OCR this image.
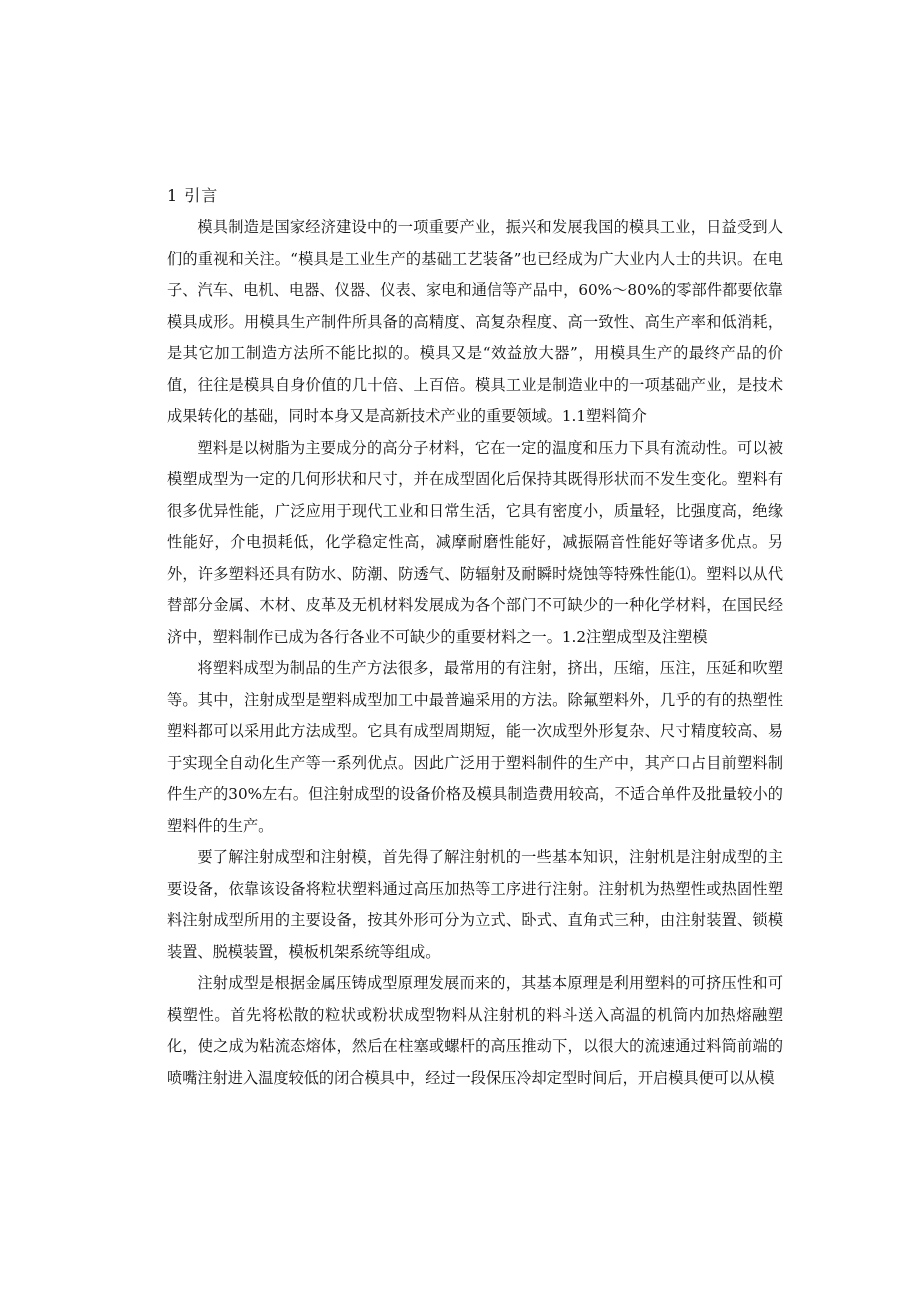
1 引言

模具制造是国家经济建设中的一项重要产业，振兴和发展我国的模具工业，日益受到人们的重视和关注。“模具是工业生产的基础工艺装备”也已经成为广大业内人士的共识。在电子、汽车、电机、电器、仪器、仪表、家电和通信等产品中，60%～80%的零部件都要依靠模具成形。用模具生产制件所具备的高精度、高复杂程度、高一致性、高生产率和低消耗，是其它加工制造方法所不能比拟的。模具又是“效益放大器”，用模具生产的最终产品的价值，往往是模具自身价值的几十倍、上百倍。模具工业是制造业中的一项基础产业，是技术成果转化的基础，同时本身又是高新技术产业的重要领域。1.1塑料简介

塑料是以树脂为主要成分的高分子材料，它在一定的温度和压力下具有流动性。可以被模塑成型为一定的几何形状和尺寸，并在成型固化后保持其既得形状而不发生变化。塑料有很多优异性能，广泛应用于现代工业和日常生活，它具有密度小，质量轻，比强度高，绝缘性能好，介电损耗低，化学稳定性高，减摩耐磨性能好，减振隔音性能好等诸多优点。另外，许多塑料还具有防水、防潮、防透气、防辐射及耐瞬时烧蚀等特殊性能⑴。塑料以从代替部分金属、木材、皮革及无机材料发展成为各个部门不可缺少的一种化学材料，在国民经济中，塑料制作已成为各行各业不可缺少的重要材料之一。1.2注塑成型及注塑模

将塑料成型为制品的生产方法很多，最常用的有注射，挤出，压缩，压注，压延和吹塑等。其中，注射成型是塑料成型加工中最普遍采用的方法。除氟塑料外，几乎的有的热塑性塑料都可以采用此方法成型。它具有成型周期短，能一次成型外形复杂、尺寸精度较高、易于实现全自动化生产等一系列优点。因此广泛用于塑料制件的生产中，其产口占目前塑料制件生产的30%左右。但注射成型的设备价格及模具制造费用较高，不适合单件及批量较小的塑料件的生产。

要了解注射成型和注射模，首先得了解注射机的一些基本知识，注射机是注射成型的主要设备，依靠该设备将粒状塑料通过高压加热等工序进行注射。注射机为热塑性或热固性塑料注射成型所用的主要设备，按其外形可分为立式、卧式、直角式三种，由注射装置、锁模装置、脱模装置，模板机架系统等组成。

注射成型是根据金属压铸成型原理发展而来的，其基本原理是利用塑料的可挤压性和可模塑性。首先将松散的粒状或粉状成型物料从注射机的料斗送入高温的机筒内加热熔融塑化，使之成为粘流态熔体，然后在柱塞或螺杆的高压推动下，以很大的流速通过料筒前端的喷嘴注射进入温度较低的闭合模具中，经过一段保压冷却定型时间后，开启模具便可以从模
